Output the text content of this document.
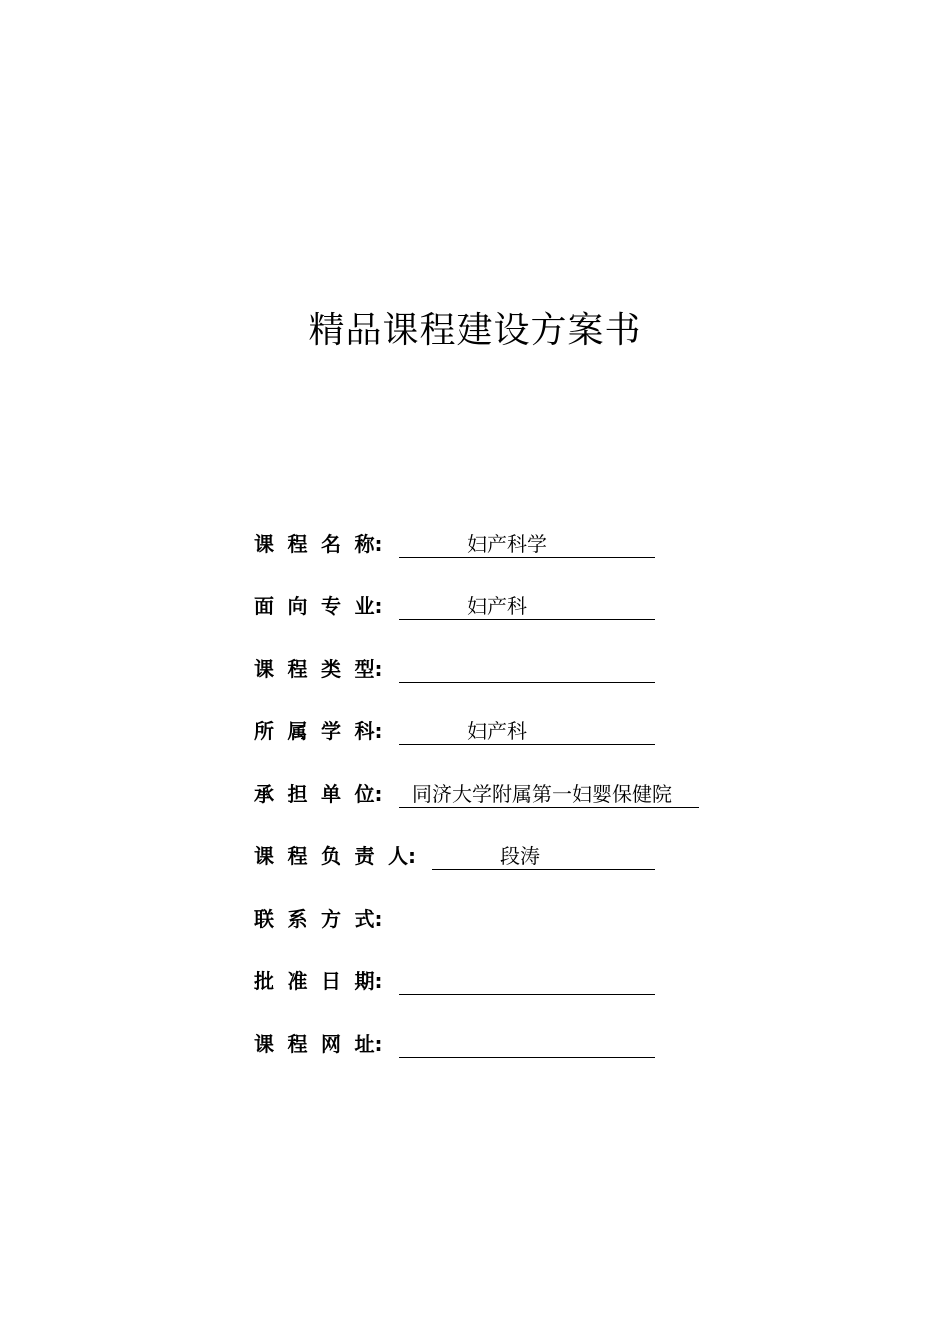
精品课程建设方案书
课 程 名 称:	妇产科学
面 向 专 业:	妇产科
课 程 类 型:
所 属 学 科:	妇产科
承 担 单 位: 同济大学附属第一妇婴保健院
课 程 负 责 人:	段涛
联 系 方 式:
批 准 日 期:
课 程 网 址:
